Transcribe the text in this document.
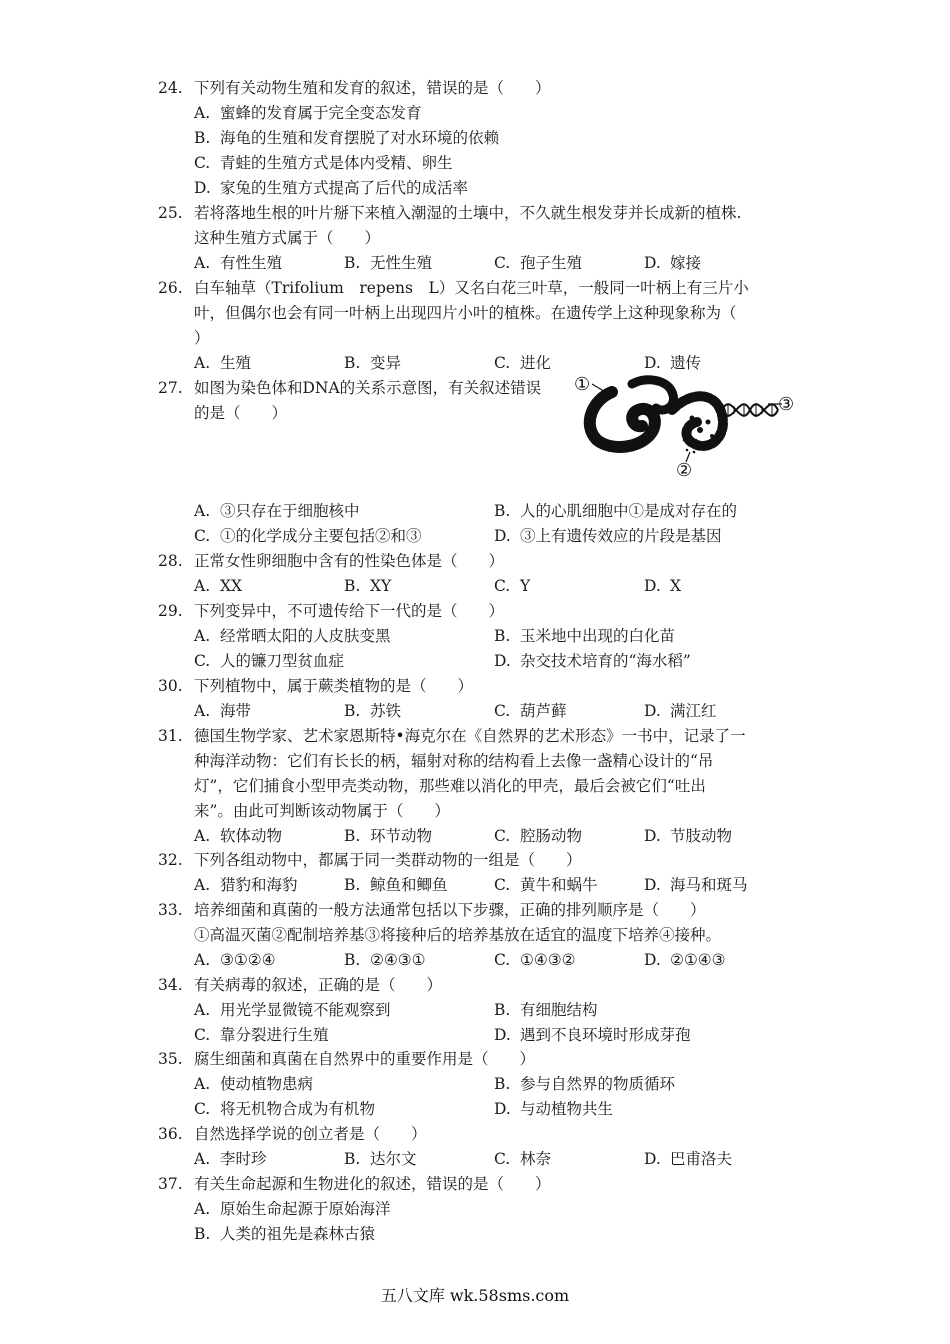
24. 下列有关动物生殖和发育的叙述，错误的是（　　）
A. 蜜蜂的发育属于完全变态发育
B. 海龟的生殖和发育摆脱了对水环境的依赖
C. 青蛙的生殖方式是体内受精、卵生
D. 家兔的生殖方式提高了后代的成活率
25. 若将落地生根的叶片掰下来植入潮湿的土壤中，不久就生根发芽并长成新的植株.
这种生殖方式属于（　　）
A. 有性生殖	B. 无性生殖	C. 孢子生殖	D. 嫁接
26. 白车轴草（Trifolium　repens　L）又名白花三叶草，一般同一叶柄上有三片小
叶，但偶尔也会有同一叶柄上出现四片小叶的植株。在遗传学上这种现象称为（
）
A. 生殖	B. 变异	C. 进化	D. 遗传
27. 如图为染色体和DNA的关系示意图，有关叙述错误
的是（　　）
A. ③只存在于细胞核中	B. 人的心肌细胞中①是成对存在的
C. ①的化学成分主要包括②和③	D. ③上有遗传效应的片段是基因
①
③
②
28. 正常女性卵细胞中含有的性染色体是（　　）
A. XX	B. XY	C. Y	D. X
29. 下列变异中，不可遗传给下一代的是（　　）
A. 经常晒太阳的人皮肤变黑	B. 玉米地中出现的白化苗
C. 人的镰刀型贫血症	D. 杂交技术培育的“海水稻”
30. 下列植物中，属于蕨类植物的是（　　）
A. 海带	B. 苏铁	C. 葫芦藓	D. 满江红
31. 德国生物学家、艺术家恩斯特•海克尔在《自然界的艺术形态》一书中，记录了一
种海洋动物：它们有长长的柄，辐射对称的结构看上去像一盏精心设计的“吊
灯”，它们捕食小型甲壳类动物，那些难以消化的甲壳，最后会被它们“吐出
来”。由此可判断该动物属于（　　）
A. 软体动物	B. 环节动物	C. 腔肠动物	D. 节肢动物
32. 下列各组动物中，都属于同一类群动物的一组是（　　）
A. 猎豹和海豹	B. 鲸鱼和鲫鱼	C. 黄牛和蜗牛	D. 海马和斑马
33. 培养细菌和真菌的一般方法通常包括以下步骤，正确的排列顺序是（　　）
①高温灭菌②配制培养基③将接种后的培养基放在适宜的温度下培养④接种。
A. ③①②④	B. ②④③①	C. ①④③②	D. ②①④③
34. 有关病毒的叙述，正确的是（　　）
A. 用光学显微镜不能观察到	B. 有细胞结构
C. 靠分裂进行生殖	D. 遇到不良环境时形成芽孢
35. 腐生细菌和真菌在自然界中的重要作用是（　　）
A. 使动植物患病	B. 参与自然界的物质循环
C. 将无机物合成为有机物	D. 与动植物共生
36. 自然选择学说的创立者是（　　）
A. 李时珍	B. 达尔文	C. 林奈	D. 巴甫洛夫
37. 有关生命起源和生物进化的叙述，错误的是（　　）
A. 原始生命起源于原始海洋
B. 人类的祖先是森林古猿
五八文库 wk.58sms.com
